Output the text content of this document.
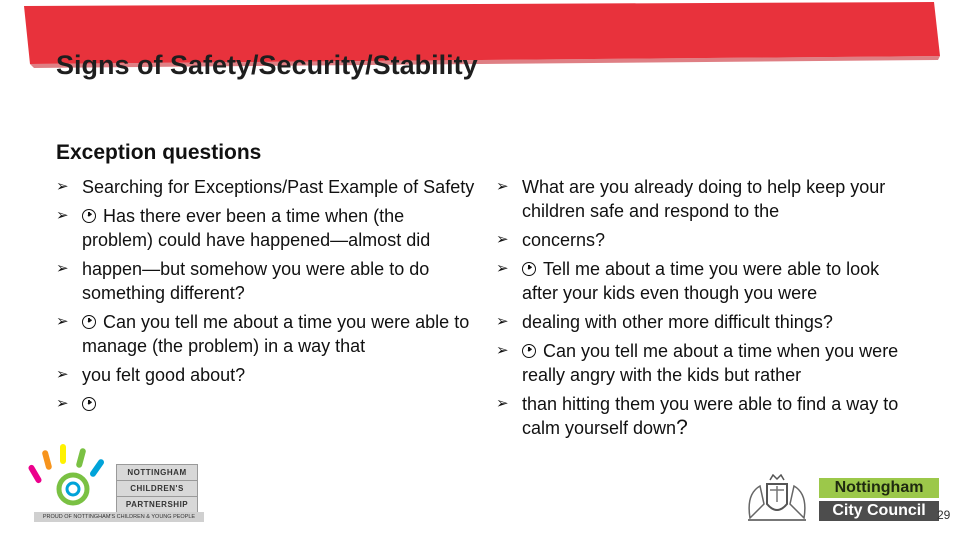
Signs of Safety/Security/Stability
Exception questions
➢ Searching for Exceptions/Past Example of Safety
➢ Has there ever been a time when (the problem) could have happened—almost did
➢ happen—but somehow you were able to do something different?
➢ Can you tell me about a time you were able to manage (the problem) in a way that
➢ you felt good about?
➢
➢ What are you already doing to help keep your children safe and respond to the
➢ concerns?
➢ Tell me about a time you were able to look after your kids even though you were
➢ dealing with other more difficult things?
➢ Can you tell me about a time when you were really angry with the kids but rather
➢ than hitting them you were able to find a way to calm yourself down?
NOTTINGHAM
CHILDREN'S
PARTNERSHIP
PROUD OF NOTTINGHAM'S CHILDREN & YOUNG PEOPLE
Nottingham
City Council 29
